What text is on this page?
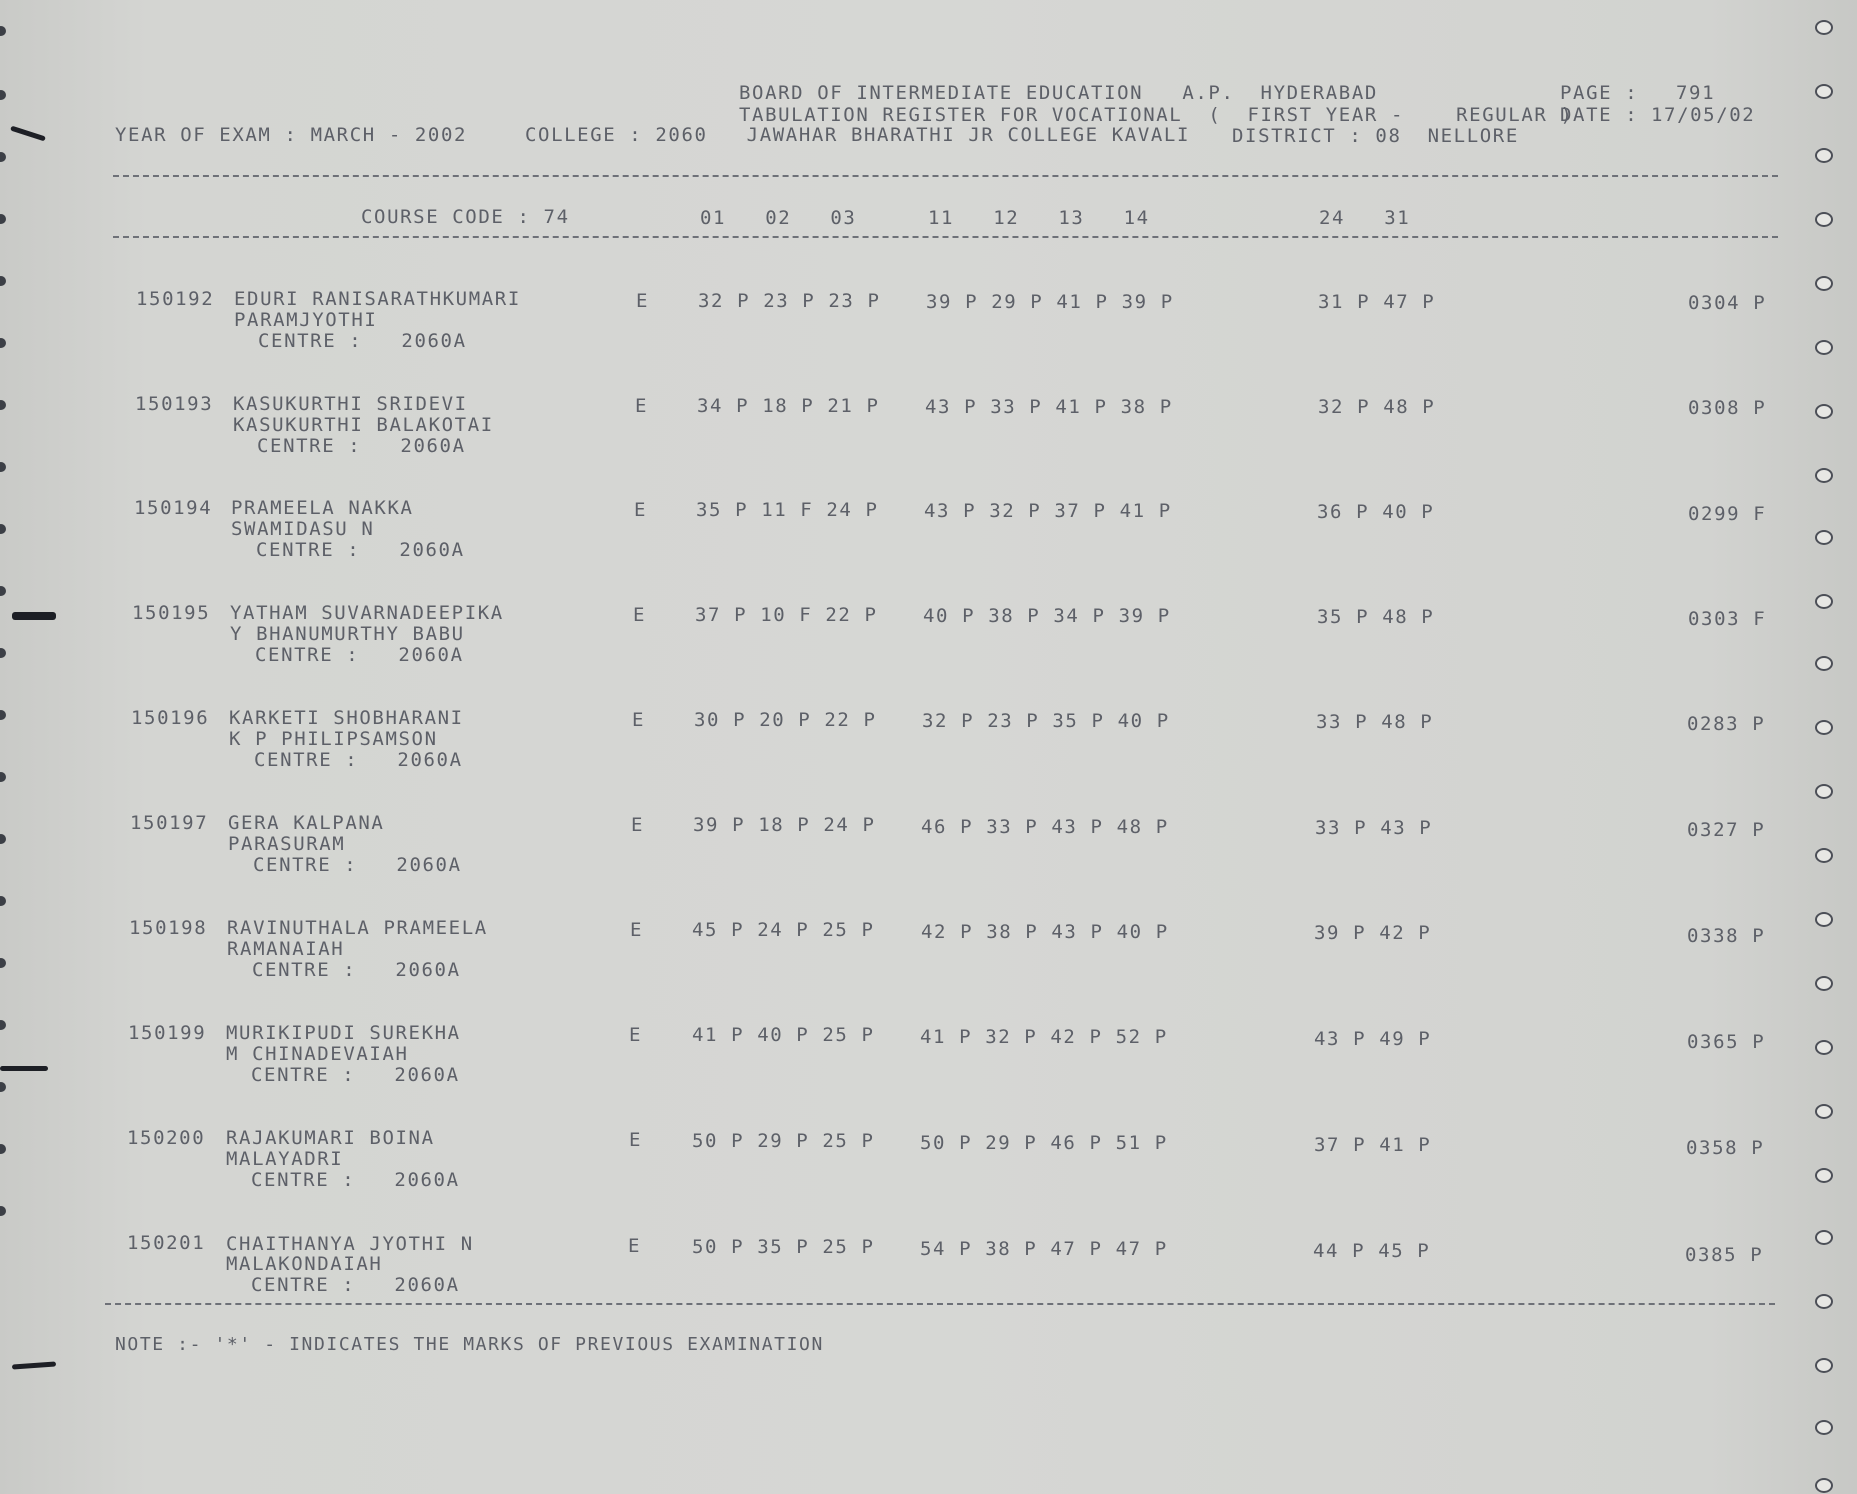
BOARD OF INTERMEDIATE EDUCATION   A.P.  HYDERABAD	PAGE : 791
TABULATION REGISTER FOR VOCATIONAL  (  FIRST YEAR -    REGULAR )
DATE : 17/05/02
YEAR OF EXAM : MARCH - 2002	COLLEGE : 2060   JAWAHAR BHARATHI JR COLLEGE KAVALI DISTRICT : 08  NELLORE
COURSE CODE : 74	01   02   03	11   12   13   14	24   31
150192 EDURI RANISARATHKUMARI
PARAMJYOTHI
CENTRE :   2060A
E	32 P 23 P 23 P 39 P 29 P 41 P 39 P	31 P 47 P	0304 P
150193 KASUKURTHI SRIDEVI
KASUKURTHI BALAKOTAI
CENTRE :   2060A
E	34 P 18 P 21 P 43 P 33 P 41 P 38 P	32 P 48 P	0308 P
150194 PRAMEELA NAKKA
SWAMIDASU N
CENTRE :   2060A
E	35 P 11 F 24 P 43 P 32 P 37 P 41 P	36 P 40 P	0299 F
150195 YATHAM SUVARNADEEPIKA
Y BHANUMURTHY BABU
CENTRE :   2060A
E	37 P 10 F 22 P 40 P 38 P 34 P 39 P	35 P 48 P	0303 F
150196 KARKETI SHOBHARANI
K P PHILIPSAMSON
CENTRE :   2060A
E	30 P 20 P 22 P 32 P 23 P 35 P 40 P	33 P 48 P	0283 P
150197 GERA KALPANA
PARASURAM
CENTRE :   2060A
E	39 P 18 P 24 P 46 P 33 P 43 P 48 P	33 P 43 P	0327 P
150198 RAVINUTHALA PRAMEELA
RAMANAIAH
CENTRE :   2060A
E	45 P 24 P 25 P 42 P 38 P 43 P 40 P	39 P 42 P	0338 P
150199 MURIKIPUDI SUREKHA
M CHINADEVAIAH
CENTRE :   2060A
E	41 P 40 P 25 P 41 P 32 P 42 P 52 P	43 P 49 P	0365 P
150200 RAJAKUMARI BOINA
MALAYADRI
CENTRE :   2060A
E	50 P 29 P 25 P 50 P 29 P 46 P 51 P	37 P 41 P	0358 P
150201 CHAITHANYA JYOTHI N
MALAKONDAIAH
CENTRE :   2060A
E	50 P 35 P 25 P 54 P 38 P 47 P 47 P	44 P 45 P	0385 P
NOTE :- '*' - INDICATES THE MARKS OF PREVIOUS EXAMINATION
